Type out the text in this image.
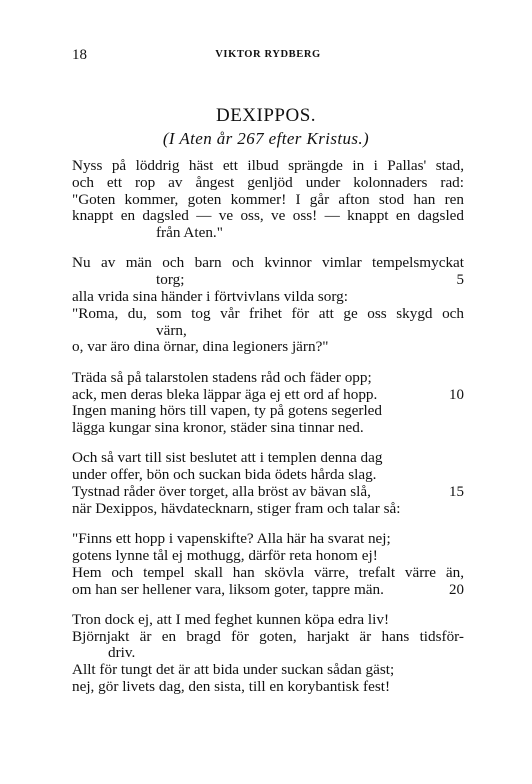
18	VIKTOR RYDBERG
DEXIPPOS.
(I Aten år 267 efter Kristus.)
Nyss på löddrig häst ett ilbud sprängde in i Pallas' stad,
och ett rop av ångest genljöd under kolonnaders rad:
"Goten kommer, goten kommer! I går afton stod han ren
knappt en dagsled — ve oss, ve oss! — knappt en dagsled
från Aten."
Nu av män och barn och kvinnor vimlar tempelsmyckat
torg;	5
alla vrida sina händer i förtvivlans vilda sorg:
"Roma, du, som tog vår frihet för att ge oss skygd och
värn,
o, var äro dina örnar, dina legioners järn?"
Träda så på talarstolen stadens råd och fäder opp;
ack, men deras bleka läppar äga ej ett ord af hopp.	10
Ingen maning hörs till vapen, ty på gotens segerled
lägga kungar sina kronor, städer sina tinnar ned.
Och så vart till sist beslutet att i templen denna dag
under offer, bön och suckan bida ödets hårda slag.
Tystnad råder över torget, alla bröst av bävan slå,	15
när Dexippos, hävdatecknarn, stiger fram och talar så:
"Finns ett hopp i vapenskifte? Alla här ha svarat nej;
gotens lynne tål ej mothugg, därför reta honom ej!
Hem och tempel skall han skövla värre, trefalt värre än,
om han ser hellener vara, liksom goter, tappre män.	20
Tron dock ej, att I med feghet kunnen köpa edra liv!
Björnjakt är en bragd för goten, harjakt är hans tidsför-
driv.
Allt för tungt det är att bida under suckan sådan gäst;
nej, gör livets dag, den sista, till en korybantisk fest!
